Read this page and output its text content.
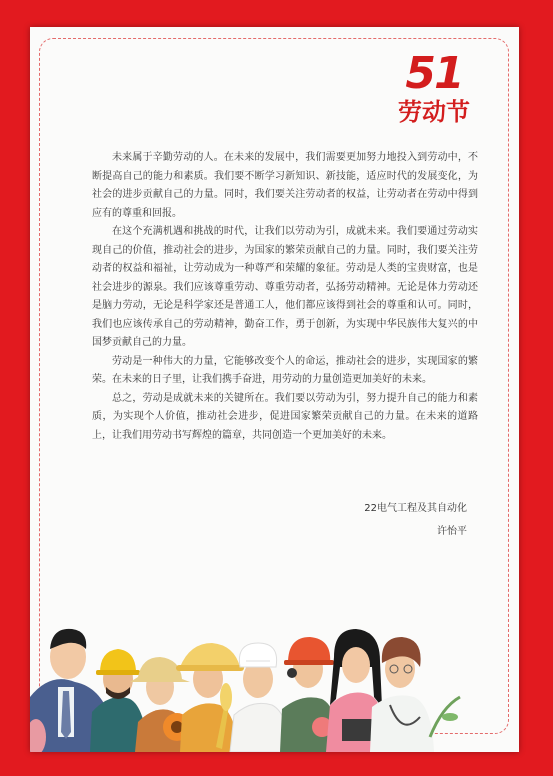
51
劳动节

未来属于辛勤劳动的人。在未来的发展中，我们需要更加努力地投入到劳动中，不断提高自己的能力和素质。我们要不断学习新知识、新技能，适应时代的发展变化，为社会的进步贡献自己的力量。同时，我们要关注劳动者的权益，让劳动者在劳动中得到应有的尊重和回报。

在这个充满机遇和挑战的时代，让我们以劳动为引，成就未来。我们要通过劳动实现自己的价值，推动社会的进步，为国家的繁荣贡献自己的力量。同时，我们要关注劳动者的权益和福祉，让劳动成为一种尊严和荣耀的象征。劳动是人类的宝贵财富，也是社会进步的源泉。我们应该尊重劳动、尊重劳动者，弘扬劳动精神。无论是体力劳动还是脑力劳动，无论是科学家还是普通工人，他们都应该得到社会的尊重和认可。同时，我们也应该传承自己的劳动精神，勤奋工作，勇于创新，为实现中华民族伟大复兴的中国梦贡献自己的力量。

劳动是一种伟大的力量，它能够改变个人的命运，推动社会的进步，实现国家的繁荣。在未来的日子里，让我们携手奋进，用劳动的力量创造更加美好的未来。

总之，劳动是成就未来的关键所在。我们要以劳动为引，努力提升自己的能力和素质，为实现个人价值，推动社会进步，促进国家繁荣贡献自己的力量。在未来的道路上，让我们用劳动书写辉煌的篇章，共同创造一个更加美好的未来。

22电气工程及其自动化
许怡平
